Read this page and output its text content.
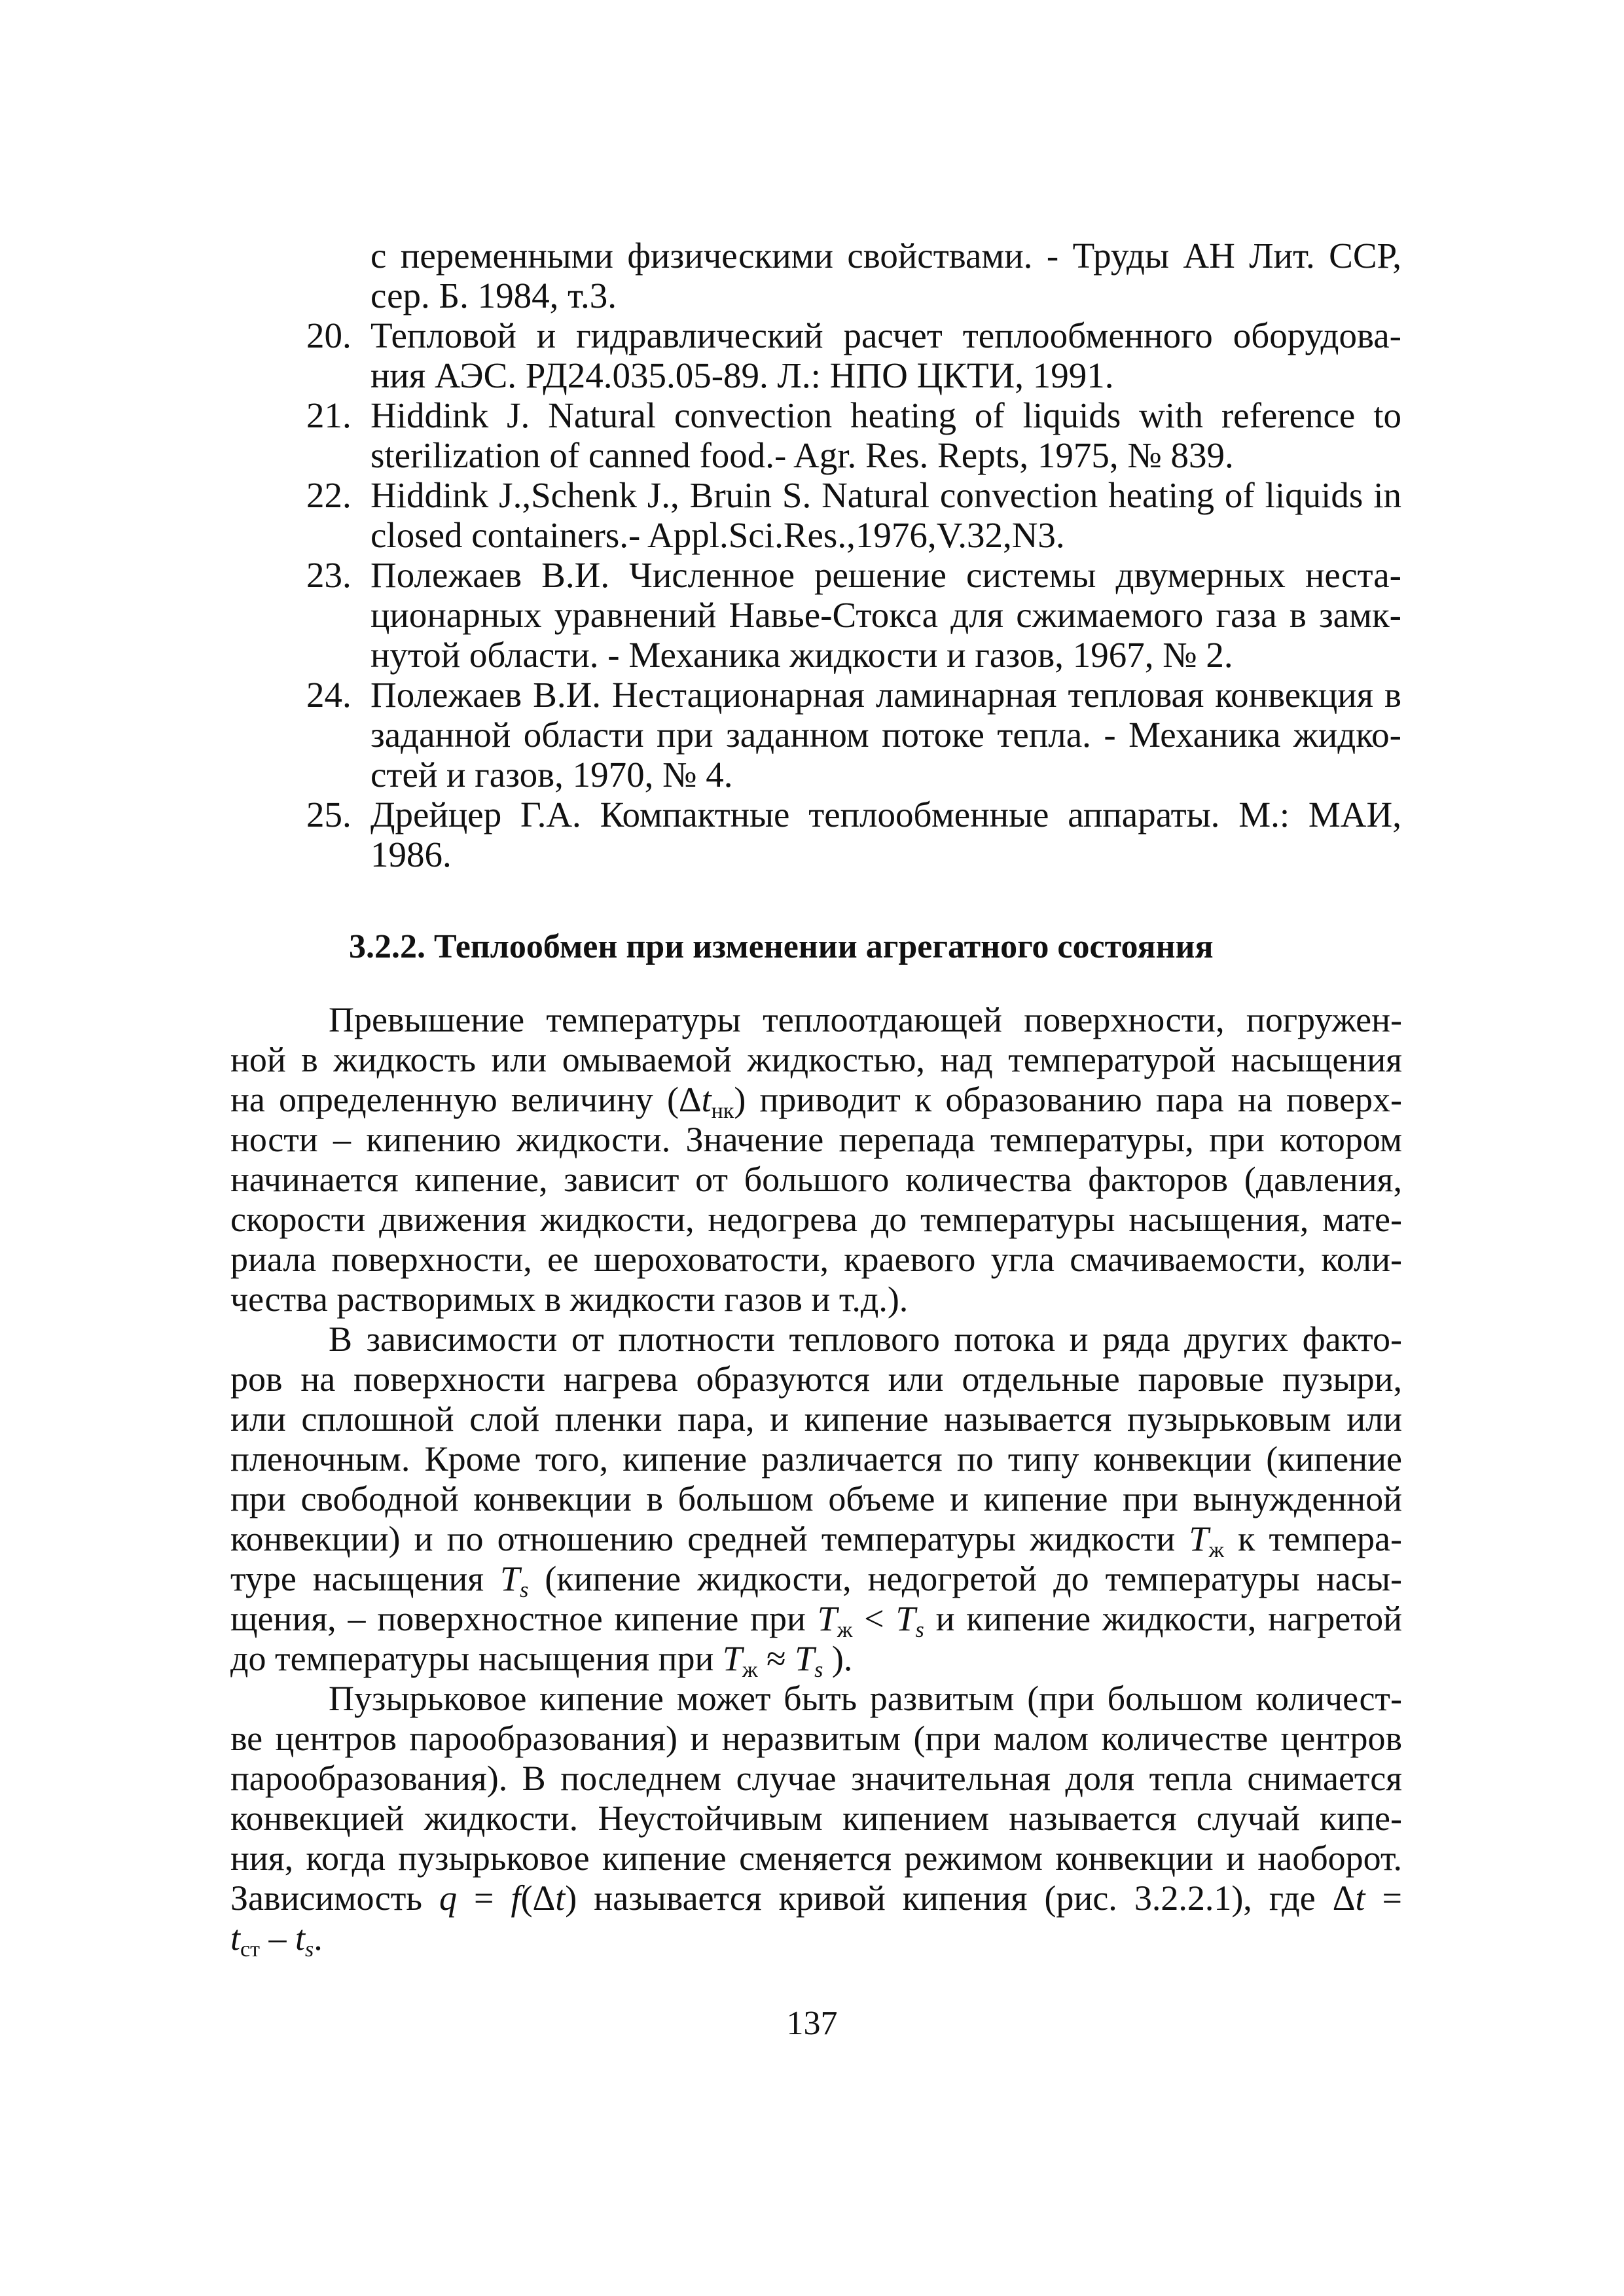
с переменными физическими свойствами. - Труды АН Лит. ССР,
сер. Б. 1984, т.3.
20. Тепловой и гидравлический расчет теплообменного оборудова-
ния АЭС. РД24.035.05-89. Л.: НПО ЦКТИ, 1991.
21. Hiddink J. Natural convection heating of liquids with reference to
sterilization of canned food.- Agr. Res. Repts, 1975, № 839.
22. Hiddink J.,Schenk J., Bruin S. Natural convection heating of liquids in
closed containers.- Appl.Sci.Res.,1976,V.32,N3.
23. Полежаев В.И. Численное решение системы двумерных неста-
ционарных уравнений Навье-Стокса для сжимаемого газа в замк-
нутой области. - Механика жидкости и газов, 1967, № 2.
24. Полежаев В.И. Нестационарная ламинарная тепловая конвекция в
заданной области при заданном потоке тепла. - Механика жидко-
стей и газов, 1970, № 4.
25. Дрейцер Г.А. Компактные теплообменные аппараты. М.: МАИ,
1986.
3.2.2. Теплообмен при изменении агрегатного состояния
Превышение температуры теплоотдающей поверхности, погружен-
ной в жидкость или омываемой жидкостью, над температурой насыщения
на определенную величину $(\Delta t_{нк})$ приводит к образованию пара на поверх-
ности – кипению жидкости. Значение перепада температуры, при котором
начинается кипение, зависит от большого количества факторов (давления,
скорости движения жидкости, недогрева до температуры насыщения, мате-
риала поверхности, ее шероховатости, краевого угла смачиваемости, коли-
чества растворимых в жидкости газов и т.д.).
В зависимости от плотности теплового потока и ряда других факто-
ров на поверхности нагрева образуются или отдельные паровые пузыри,
или сплошной слой пленки пара, и кипение называется пузырьковым или
пленочным. Кроме того, кипение различается по типу конвекции (кипение
при свободной конвекции в большом объеме и кипение при вынужденной
конвекции) и по отношению средней температуры жидкости $T_ж$ к темпера-
туре насыщения $T_s$ (кипение жидкости, недогретой до температуры насы-
щения, – поверхностное кипение при $T_ж < T_s$ и кипение жидкости, нагретой
до температуры насыщения при $T_ж \approx T_s$ ).
Пузырьковое кипение может быть развитым (при большом количест-
ве центров парообразования) и неразвитым (при малом количестве центров
парообразования). В последнем случае значительная доля тепла снимается
конвекцией жидкости. Неустойчивым кипением называется случай кипе-
ния, когда пузырьковое кипение сменяется режимом конвекции и наоборот.
Зависимость q = f(Δt) называется кривой кипения (рис. 3.2.2.1), где Δt =
$t_{ст} - t_s$.
137
